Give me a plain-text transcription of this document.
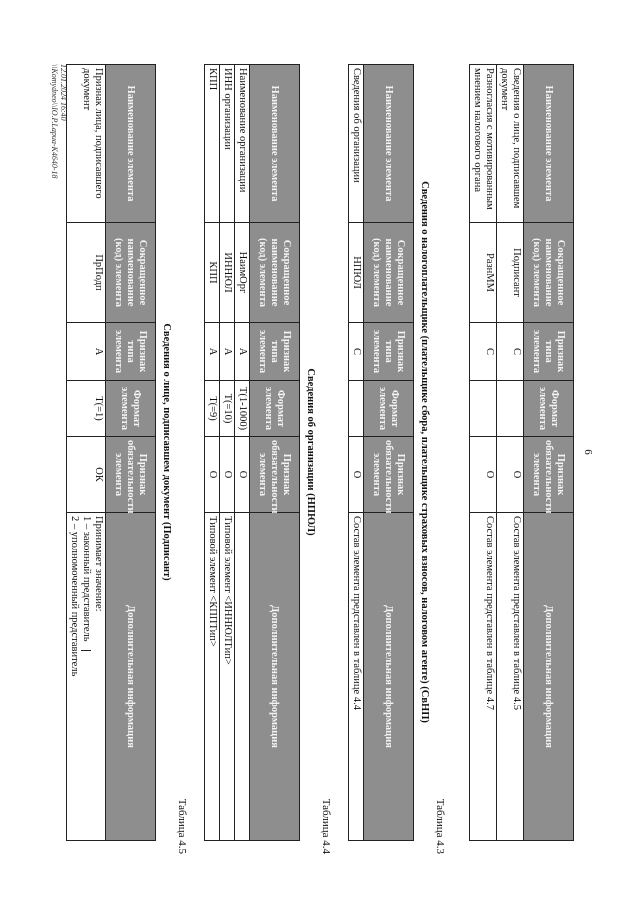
6
Наименование элемента	Сокращенное наименование (код) элемента	Признак типа элемента	Формат элемента	Признак обязательности элемента	Дополнительная информация
Сведения о лице, подписавшем документ	Подписант	С		О	Состав элемента представлен в таблице 4.5
Разногласия с мотивированным мнением налогового органа	РазнММ	С		О	Состав элемента представлен в таблице 4.7
Таблица 4.3
Сведения о налогоплательщике (плательщике сбора, плательщике страховых взносов, налоговом агенте) (СвНП)
Наименование элемента	Сокращенное наименование (код) элемента	Признак типа элемента	Формат элемента	Признак обязательности элемента	Дополнительная информация
Сведения об организации	НПЮЛ	С		О	Состав элемента представлен в таблице 4.4
Таблица 4.4
Сведения об организации (НПЮЛ)
Наименование элемента	Сокращенное наименование (код) элемента	Признак типа элемента	Формат элемента	Признак обязательности элемента	Дополнительная информация
Наименование организации	НаимОрг	А	T(1-1000)	О	
ИНН организации	ИННЮЛ	А	T(=10)	О	Типовой элемент <ИННЮЛТип>
КПП	КПП	А	T(=9)	О	Типовой элемент <КППТип>
Таблица 4.5
Сведения о лице, подписавшем документ (Подписант)
Наименование элемента	Сокращенное наименование (код) элемента	Признак типа элемента	Формат элемента	Признак обязательности элемента	Дополнительная информация
Признак лица, подписавшего документ	ПрПодп	А	T(=1)	ОК	Принимает значение:
1 – законный представитель
2 – уполномоченный представитель
12.01.2024 16:40
\\Komydneo\\IO.P.Lapua-К4640-18
